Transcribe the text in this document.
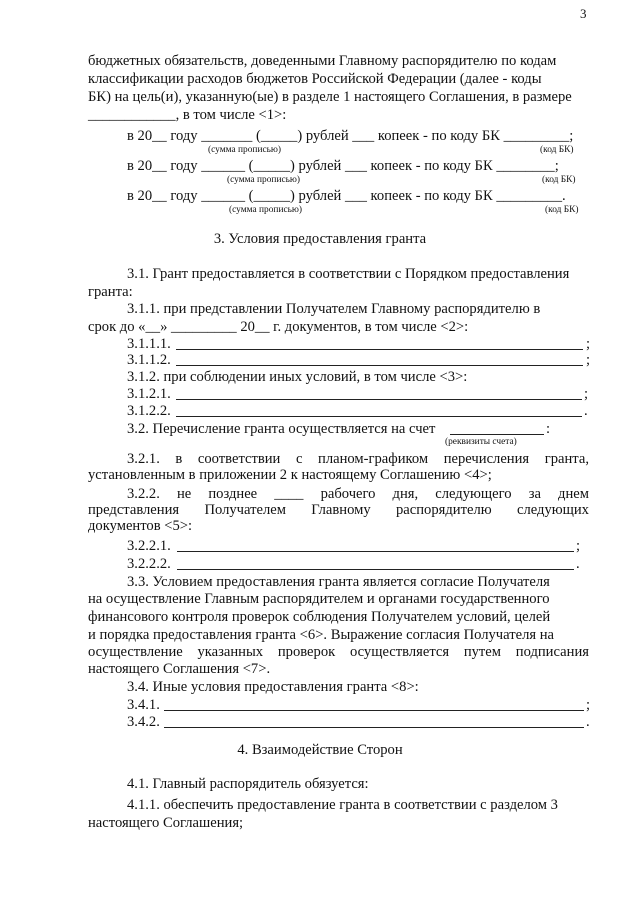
3
бюджетных обязательств, доведенными Главному распорядителю по кодам
классификации расходов бюджетов Российской Федерации (далее - коды
БК) на цель(и), указанную(ые) в разделе 1 настоящего Соглашения, в размере
____________, в том числе <1>:
в 20__ году _______ (_____) рублей ___ копеек - по коду БК _________;
(сумма прописью)	(код БК)
в 20__ году ______ (_____) рублей ___ копеек - по коду БК ________;
(сумма прописью)	(код БК)
в 20__ году ______ (_____) рублей ___ копеек - по коду БК _________.
(сумма прописью)	(код БК)
3. Условия предоставления гранта
3.1. Грант предоставляется в соответствии с Порядком предоставления
гранта:
3.1.1. при представлении Получателем Главному распорядителю в
срок до «__» _________ 20__ г. документов, в том числе <2>:
3.1.1.1.	;
3.1.1.2.	;
3.1.2. при соблюдении иных условий, в том числе <3>:
3.1.2.1.	;
3.1.2.2.	.
3.2. Перечисление гранта осуществляется на счет	:
(реквизиты счета)
3.2.1. в соответствии с планом-графиком перечисления гранта,
установленным в приложении 2 к настоящему Соглашению <4>;
3.2.2. не позднее ____ рабочего дня, следующего за днем
представления Получателем Главному распорядителю следующих
документов <5>:
3.2.2.1.	;
3.2.2.2.	.
3.3. Условием предоставления гранта является согласие Получателя
на осуществление Главным распорядителем и органами государственного
финансового контроля проверок соблюдения Получателем условий, целей
и порядка предоставления гранта <6>. Выражение согласия Получателя на
осуществление указанных проверок осуществляется путем подписания
настоящего Соглашения <7>.
3.4. Иные условия предоставления гранта <8>:
3.4.1.	;
3.4.2.	.
4. Взаимодействие Сторон
4.1. Главный распорядитель обязуется:
4.1.1. обеспечить предоставление гранта в соответствии с разделом 3
настоящего Соглашения;
